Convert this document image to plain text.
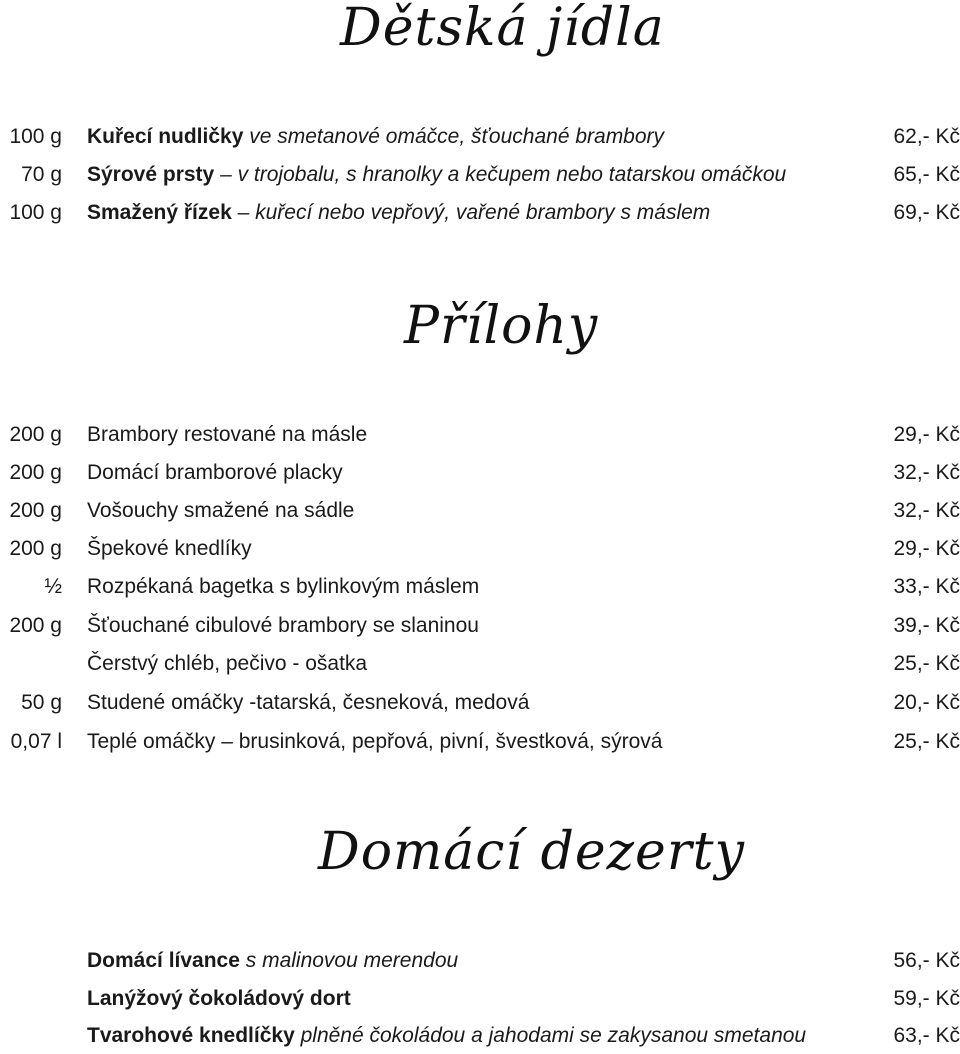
Dětská jídla
100 g Kuřecí nudličky ve smetanové omáčce, šťouchané brambory	62,- Kč
70 g Sýrové prsty – v trojobalu, s hranolky a kečupem nebo tatarskou omáčkou	65,- Kč
100 g Smažený řízek – kuřecí nebo vepřový, vařené brambory s máslem	69,- Kč
Přílohy
200 g Brambory restované na másle	29,- Kč
200 g Domácí bramborové placky	32,- Kč
200 g Vošouchy smažené na sádle	32,- Kč
200 g Špekové knedlíky	29,- Kč
½ Rozpékaná bagetka s bylinkovým máslem	33,- Kč
200 g Šťouchané cibulové brambory se slaninou	39,- Kč
Čerstvý chléb, pečivo - ošatka	25,- Kč
50 g Studené omáčky -tatarská, česneková, medová	20,- Kč
0,07 l Teplé omáčky – brusinková, pepřová, pivní, švestková, sýrová	25,- Kč
Domácí dezerty
Domácí lívance s malinovou merendou	56,- Kč
Lanýžový čokoládový dort	59,- Kč
Tvarohové knedlíčky plněné čokoládou a jahodami se zakysanou smetanou	63,- Kč
